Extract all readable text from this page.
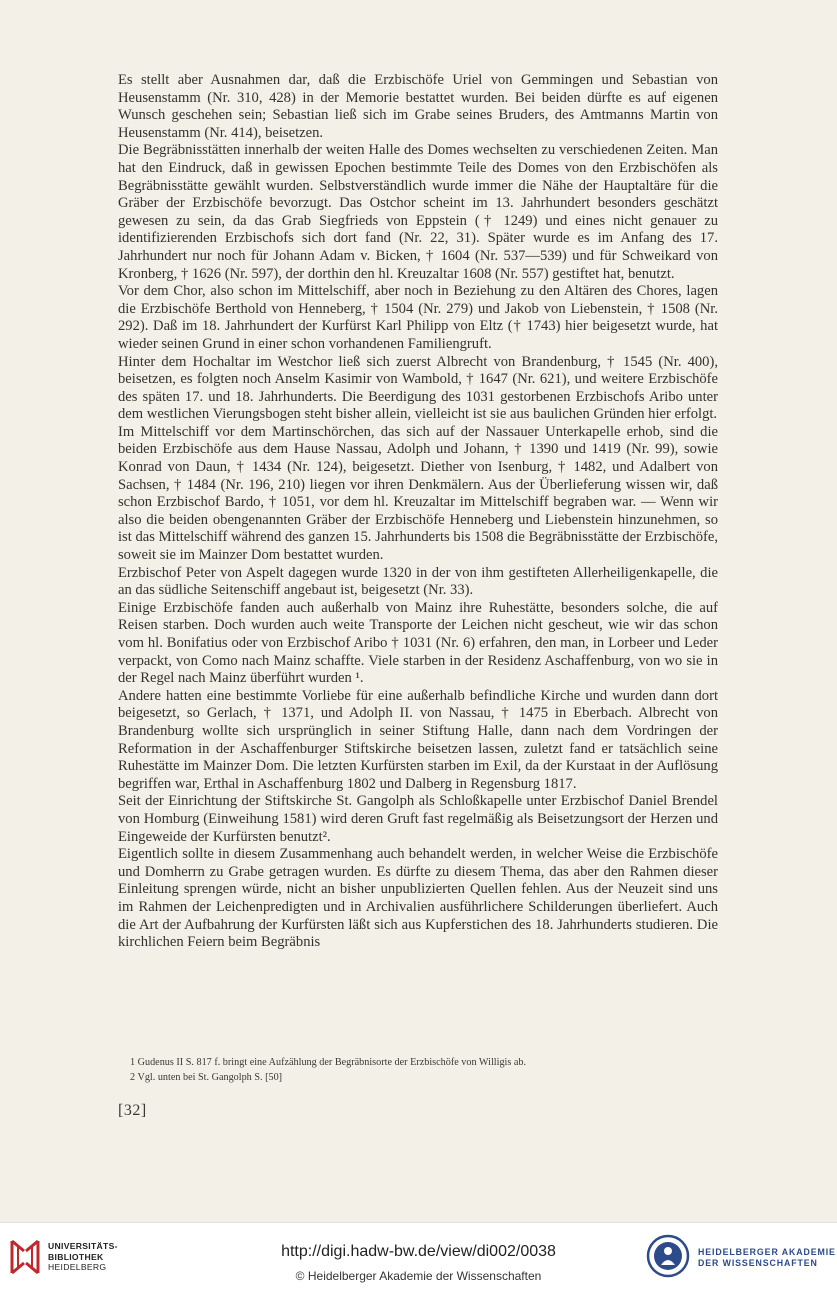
Es stellt aber Ausnahmen dar, daß die Erzbischöfe Uriel von Gemmingen und Sebastian von Heusenstamm (Nr. 310, 428) in der Memorie bestattet wurden. Bei beiden dürfte es auf eigenen Wunsch geschehen sein; Sebastian ließ sich im Grabe seines Bruders, des Amtmanns Martin von Heusenstamm (Nr. 414), beisetzen.

Die Begräbnisstätten innerhalb der weiten Halle des Domes wechselten zu verschiedenen Zeiten. Man hat den Eindruck, daß in gewissen Epochen bestimmte Teile des Domes von den Erzbischöfen als Begräbnisstätte gewählt wurden. Selbstverständlich wurde immer die Nähe der Hauptaltäre für die Gräber der Erzbischöfe bevorzugt. Das Ostchor scheint im 13. Jahrhundert besonders geschätzt gewesen zu sein, da das Grab Siegfrieds von Eppstein († 1249) und eines nicht genauer zu identifizierenden Erzbischofs sich dort fand (Nr. 22, 31). Später wurde es im Anfang des 17. Jahrhundert nur noch für Johann Adam v. Bicken, † 1604 (Nr. 537—539) und für Schweikard von Kronberg, † 1626 (Nr. 597), der dorthin den hl. Kreuzaltar 1608 (Nr. 557) gestiftet hat, benutzt.

Vor dem Chor, also schon im Mittelschiff, aber noch in Beziehung zu den Altären des Chores, lagen die Erzbischöfe Berthold von Henneberg, † 1504 (Nr. 279) und Jakob von Liebenstein, † 1508 (Nr. 292). Daß im 18. Jahrhundert der Kurfürst Karl Philipp von Eltz († 1743) hier beigesetzt wurde, hat wieder seinen Grund in einer schon vorhandenen Familiengruft.

Hinter dem Hochaltar im Westchor ließ sich zuerst Albrecht von Brandenburg, † 1545 (Nr. 400), beisetzen, es folgten noch Anselm Kasimir von Wambold, † 1647 (Nr. 621), und weitere Erzbischöfe des späten 17. und 18. Jahrhunderts. Die Beerdigung des 1031 gestorbenen Erzbischofs Aribo unter dem westlichen Vierungsbogen steht bisher allein, vielleicht ist sie aus baulichen Gründen hier erfolgt.

Im Mittelschiff vor dem Martinschörchen, das sich auf der Nassauer Unterkapelle erhob, sind die beiden Erzbischöfe aus dem Hause Nassau, Adolph und Johann, † 1390 und 1419 (Nr. 99), sowie Konrad von Daun, † 1434 (Nr. 124), beigesetzt. Diether von Isenburg, † 1482, und Adalbert von Sachsen, † 1484 (Nr. 196, 210) liegen vor ihren Denkmälern. Aus der Überlieferung wissen wir, daß schon Erzbischof Bardo, † 1051, vor dem hl. Kreuzaltar im Mittelschiff begraben war. — Wenn wir also die beiden obengenannten Gräber der Erzbischöfe Henneberg und Liebenstein hinzunehmen, so ist das Mittelschiff während des ganzen 15. Jahrhunderts bis 1508 die Begräbnisstätte der Erzbischöfe, soweit sie im Mainzer Dom bestattet wurden.

Erzbischof Peter von Aspelt dagegen wurde 1320 in der von ihm gestifteten Allerheiligenkapelle, die an das südliche Seitenschiff angebaut ist, beigesetzt (Nr. 33).

Einige Erzbischöfe fanden auch außerhalb von Mainz ihre Ruhestätte, besonders solche, die auf Reisen starben. Doch wurden auch weite Transporte der Leichen nicht gescheut, wie wir das schon vom hl. Bonifatius oder von Erzbischof Aribo † 1031 (Nr. 6) erfahren, den man, in Lorbeer und Leder verpackt, von Como nach Mainz schaffte. Viele starben in der Residenz Aschaffenburg, von wo sie in der Regel nach Mainz überführt wurden ¹.

Andere hatten eine bestimmte Vorliebe für eine außerhalb befindliche Kirche und wurden dann dort beigesetzt, so Gerlach, † 1371, und Adolph II. von Nassau, † 1475 in Eberbach. Albrecht von Brandenburg wollte sich ursprünglich in seiner Stiftung Halle, dann nach dem Vordringen der Reformation in der Aschaffenburger Stiftskirche beisetzen lassen, zuletzt fand er tatsächlich seine Ruhestätte im Mainzer Dom. Die letzten Kurfürsten starben im Exil, da der Kurstaat in der Auflösung begriffen war, Erthal in Aschaffenburg 1802 und Dalberg in Regensburg 1817.

Seit der Einrichtung der Stiftskirche St. Gangolph als Schloßkapelle unter Erzbischof Daniel Brendel von Homburg (Einweihung 1581) wird deren Gruft fast regelmäßig als Beisetzungsort der Herzen und Eingeweide der Kurfürsten benutzt².

Eigentlich sollte in diesem Zusammenhang auch behandelt werden, in welcher Weise die Erzbischöfe und Domherrn zu Grabe getragen wurden. Es dürfte zu diesem Thema, das aber den Rahmen dieser Einleitung sprengen würde, nicht an bisher unpublizierten Quellen fehlen. Aus der Neuzeit sind uns im Rahmen der Leichenpredigten und in Archivalien ausführlichere Schilderungen überliefert. Auch die Art der Aufbahrung der Kurfürsten läßt sich aus Kupferstichen des 18. Jahrhunderts studieren. Die kirchlichen Feiern beim Begräbnis

1 Gudenus II S. 817 f. bringt eine Aufzählung der Begräbnisorte der Erzbischöfe von Willigis ab.
2 Vgl. unten bei St. Gangolph S. [50]
[32]
UNIVERSITÄTS-
BIBLIOTHEK
HEIDELBERG
http://digi.hadw-bw.de/view/di002/0038
© Heidelberger Akademie der Wissenschaften
HEIDELBERGER AKADEMIE
DER WISSENSCHAFTEN
